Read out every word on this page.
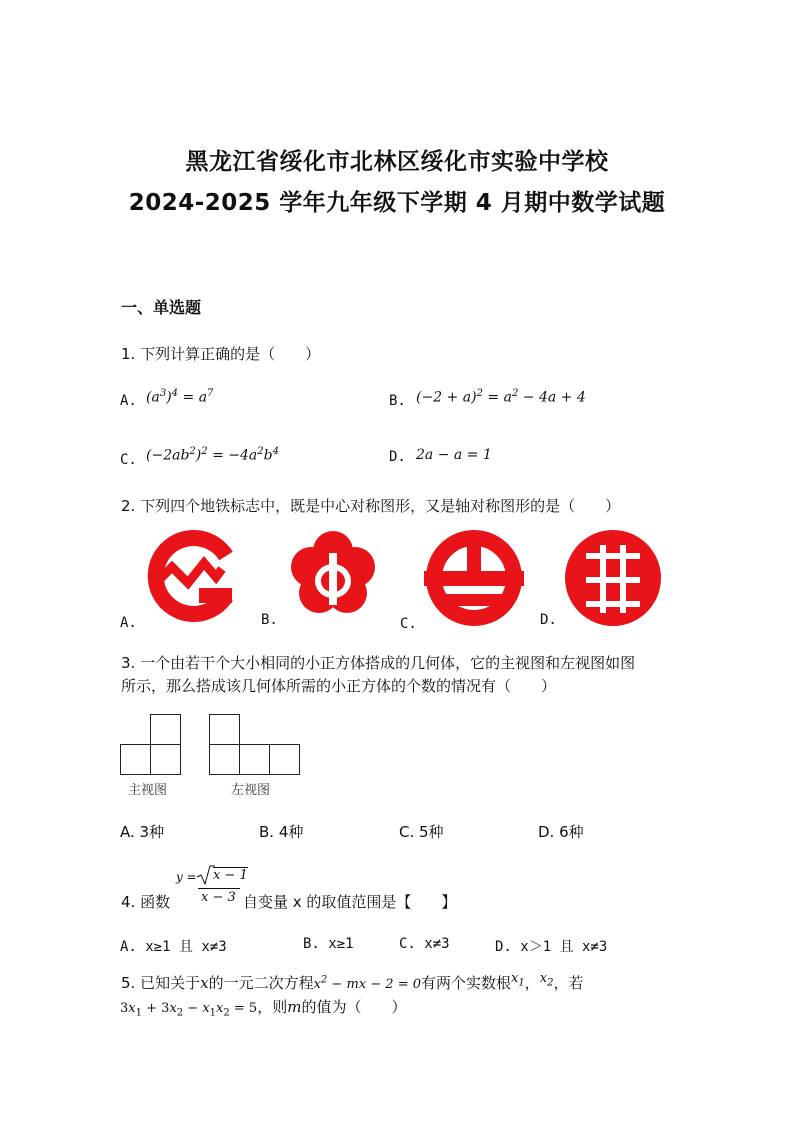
黑龙江省绥化市北林区绥化市实验中学校
2024-2025 学年九年级下学期 4 月期中数学试题
一、单选题
1. 下列计算正确的是（　　）
A. $(a^3)^4 = a^7$	B. $(-2 + a)^2 = a^2 - 4a + 4$
C. $(-2ab^2)^2 = -4a^2b^4$	D. 2a − a = 1
2. 下列四个地铁标志中，既是中心对称图形，又是轴对称图形的是（　　）
A.	B.	C.	D.
3. 一个由若干个大小相同的小正方体搭成的几何体，它的主视图和左视图如图
所示，那么搭成该几何体所需的小正方体的个数的情况有（　　）
主视图	左视图
A. 3种	B. 4种	C. 5种	D. 6种
4. 函数
y = x − 1
x − 3 自变量 x 的取值范围是【　　】
A. x≥1 且 x≠3	B. x≥1	C. x≠3	D. x＞1 且 x≠3
5. 已知关于x的一元二次方程$x^2$ − mx − 2 = 0有两个实数根$^{x_1}$，$^{x_2}$，若
$3x_1 + 3x_2 - x_1x_2 = 5$，则m的值为（　　）
